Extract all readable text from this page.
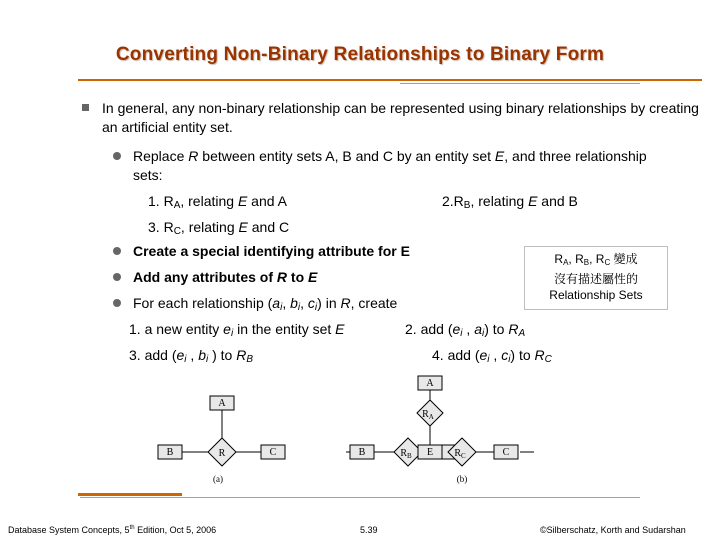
Converting Non-Binary Relationships to Binary Form
In general, any non-binary relationship can be represented using binary relationships by creating an artificial entity set.
Replace R between entity sets A, B and C by an entity set E, and three relationship sets:
1. $R_A$, relating E and A	$2.R_B$, relating E and B
3. $R_C$, relating E and C
Create a special identifying attribute for E
Add any attributes of R to E
For each relationship ($a_i$, $b_i$, $c_i$) in R, create
1. a new entity $e_i$ in the entity set E	2. add ($e_i$ , $a_i$) to $R_A$
3. add ($e_i$ , $b_i$ ) to $R_B$	4. add ($e_i$ , $c_i$) to $R_C$
$R_A$, $R_B$, $R_C$ 變成
沒有描述屬性的
Relationship Sets
A
R
B	C
(a)
A
$R_A$
B	$R_B$ E $R_C$	C
(b)
Database System Concepts, 5th Edition, Oct 5, 2006	5.39	©Silberschatz, Korth and Sudarshan
